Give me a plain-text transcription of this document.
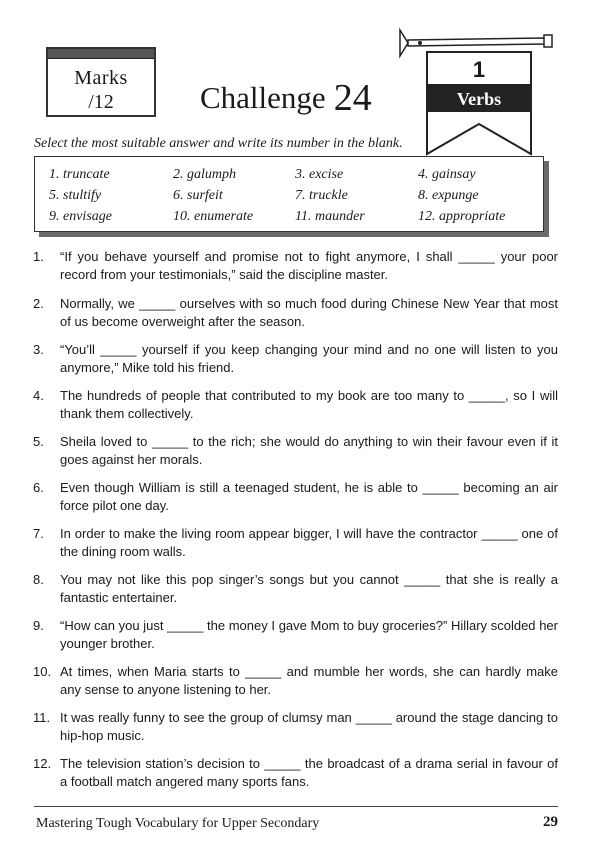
Marks
/12	Challenge 24
1
Verbs
Select the most suitable answer and write its number in the blank.
1. truncate	2. galumph	3. excise	4. gainsay
5. stultify	6. surfeit	7. truckle	8. expunge
9. envisage	10. enumerate	11. maunder	12. appropriate
1.	“If you behave yourself and promise not to fight anymore, I shall _____ your poor record from your testimonials,” said the discipline master.
2.	Normally, we _____ ourselves with so much food during Chinese New Year that most of us become overweight after the season.
3.	“You’ll _____ yourself if you keep changing your mind and no one will listen to you anymore,” Mike told his friend.
4.	The hundreds of people that contributed to my book are too many to _____, so I will thank them collectively.
5.	Sheila loved to _____ to the rich; she would do anything to win their favour even if it goes against her morals.
6.	Even though William is still a teenaged student, he is able to _____ becoming an air force pilot one day.
7.	In order to make the living room appear bigger, I will have the contractor _____ one of the dining room walls.
8.	You may not like this pop singer’s songs but you cannot _____ that she is really a fantastic entertainer.
9.	“How can you just _____ the money I gave Mom to buy groceries?” Hillary scolded her younger brother.
10. At times, when Maria starts to _____ and mumble her words, she can hardly make any sense to anyone listening to her.
11. It was really funny to see the group of clumsy man _____ around the stage dancing to hip-hop music.
12. The television station’s decision to _____ the broadcast of a drama serial in favour of a football match angered many sports fans.
Mastering Tough Vocabulary for Upper Secondary	29
